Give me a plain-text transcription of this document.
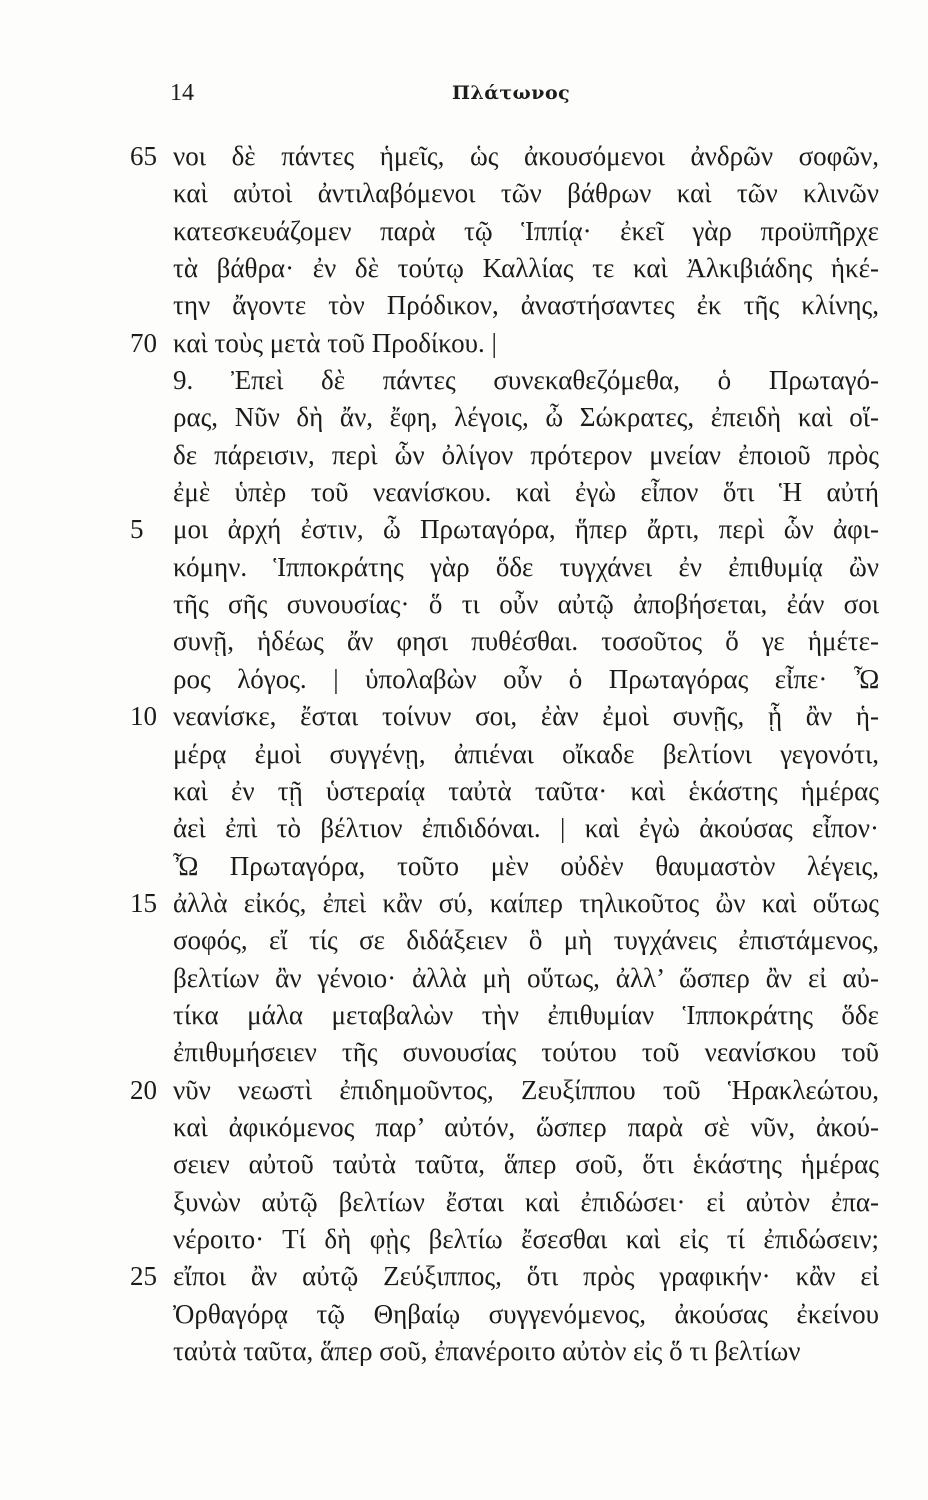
14	Πλάτωνος
65 νοι δὲ πάντες ἡμεῖς, ὡς ἀκουσόμενοι ἀνδρῶν σοφῶν,
καὶ αὐτοὶ ἀντιλαβόμενοι τῶν βάθρων καὶ τῶν κλινῶν
κατεσκευάζομεν παρὰ τῷ Ἱππίᾳ· ἐκεῖ γὰρ προϋπῆρχε
τὰ βάθρα· ἐν δὲ τούτῳ Καλλίας τε καὶ Ἀλκιβιάδης ἡκέ-
την ἄγοντε τὸν Πρόδικον, ἀναστήσαντες ἐκ τῆς κλίνης,
70 καὶ τοὺς μετὰ τοῦ Προδίκου. |
9. Ἐπεὶ δὲ πάντες συνεκαθεζόμεθα, ὁ Πρωταγό-
ρας, Νῦν δὴ ἄν, ἔφη, λέγοις, ὦ Σώκρατες, ἐπειδὴ καὶ οἵ-
δε πάρεισιν, περὶ ὧν ὀλίγον πρότερον μνείαν ἐποιοῦ πρὸς
ἐμὲ ὑπὲρ τοῦ νεανίσκου. καὶ ἐγὼ εἶπον ὅτι Ἡ αὐτή
5	μοι ἀρχή ἐστιν, ὦ Πρωταγόρα, ἥπερ ἄρτι, περὶ ὧν ἀφι-
κόμην. Ἱπποκράτης γὰρ ὅδε τυγχάνει ἐν ἐπιθυμίᾳ ὢν
τῆς σῆς συνουσίας· ὅ τι οὖν αὐτῷ ἀποβήσεται, ἐάν σοι
συνῇ, ἡδέως ἄν φησι πυθέσθαι. τοσοῦτος ὅ γε ἡμέτε-
ρος λόγος. | ὑπολαβὼν οὖν ὁ Πρωταγόρας εἶπε· Ὦ
10 νεανίσκε, ἔσται τοίνυν σοι, ἐὰν ἐμοὶ συνῇς, ᾗ ἂν ἡ-
μέρᾳ ἐμοὶ συγγένῃ, ἀπιέναι οἴκαδε βελτίονι γεγονότι,
καὶ ἐν τῇ ὑστεραίᾳ ταὐτὰ ταῦτα· καὶ ἑκάστης ἡμέρας
ἀεὶ ἐπὶ τὸ βέλτιον ἐπιδιδόναι. | καὶ ἐγὼ ἀκούσας εἶπον·
Ὦ Πρωταγόρα, τοῦτο μὲν οὐδὲν θαυμαστὸν λέγεις,
15 ἀλλὰ εἰκός, ἐπεὶ κἂν σύ, καίπερ τηλικοῦτος ὢν καὶ οὕτως
σοφός, εἴ τίς σε διδάξειεν ὃ μὴ τυγχάνεις ἐπιστάμενος,
βελτίων ἂν γένοιο· ἀλλὰ μὴ οὕτως, ἀλλ’ ὥσπερ ἂν εἰ αὐ-
τίκα μάλα μεταβαλὼν τὴν ἐπιθυμίαν Ἱπποκράτης ὅδε
ἐπιθυμήσειεν τῆς συνουσίας τούτου τοῦ νεανίσκου τοῦ
20 νῦν νεωστὶ ἐπιδημοῦντος, Ζευξίππου τοῦ Ἡρακλεώτου,
καὶ ἀφικόμενος παρ’ αὐτόν, ὥσπερ παρὰ σὲ νῦν, ἀκού-
σειεν αὐτοῦ ταὐτὰ ταῦτα, ἅπερ σοῦ, ὅτι ἑκάστης ἡμέρας
ξυνὼν αὐτῷ βελτίων ἔσται καὶ ἐπιδώσει· εἰ αὐτὸν ἐπα-
νέροιτο· Τί δὴ φῂς βελτίω ἔσεσθαι καὶ εἰς τί ἐπιδώσειν;
25 εἴποι ἂν αὐτῷ Ζεύξιππος, ὅτι πρὸς γραφικήν· κἂν εἰ
Ὀρθαγόρᾳ τῷ Θηβαίῳ συγγενόμενος, ἀκούσας ἐκείνου
ταὐτὰ ταῦτα, ἅπερ σοῦ, ἐπανέροιτο αὐτὸν εἰς ὅ τι βελτίων
